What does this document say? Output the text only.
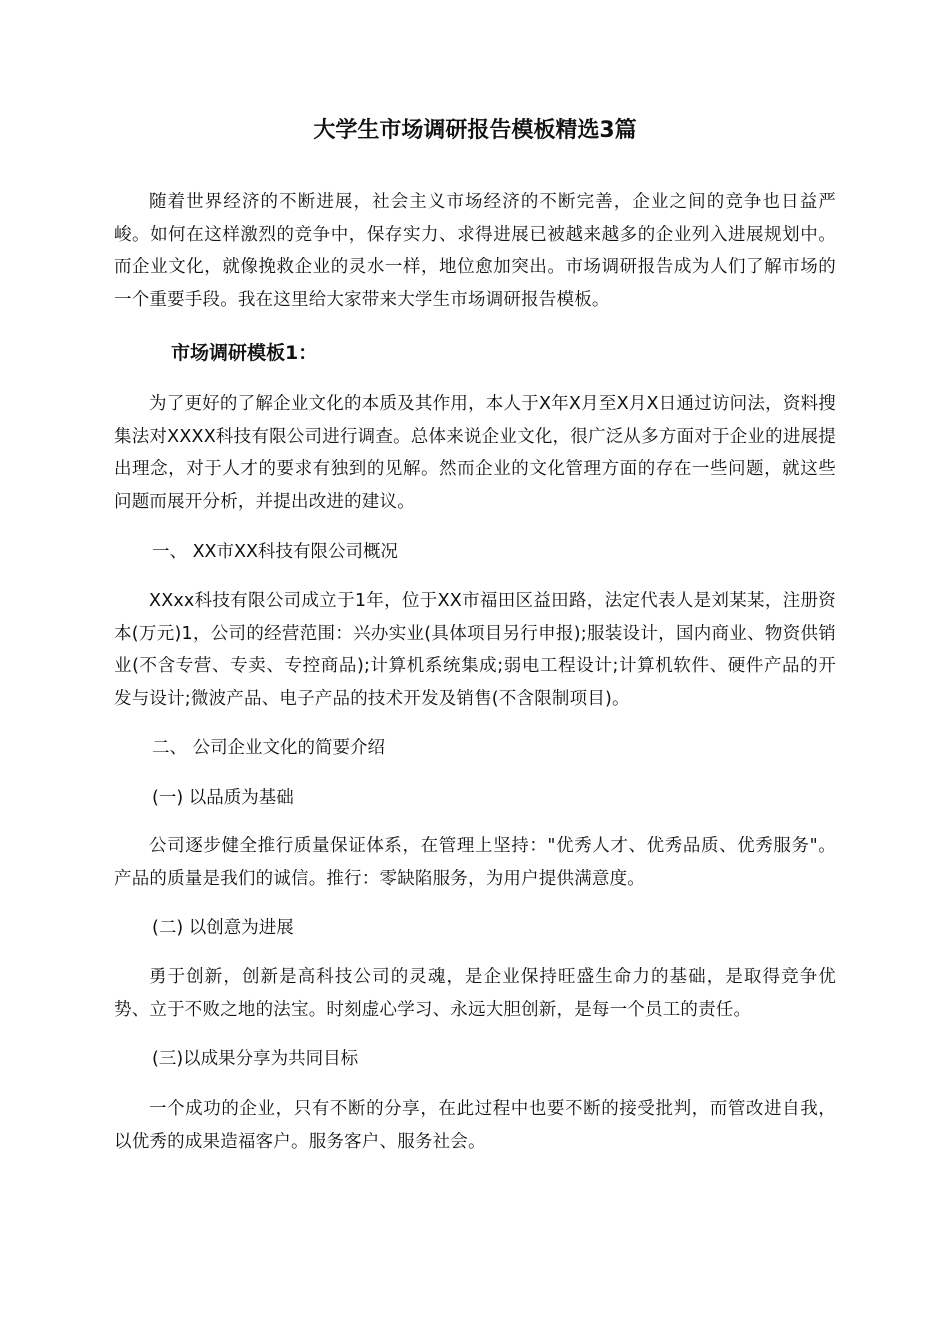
大学生市场调研报告模板精选3篇

随着世界经济的不断进展，社会主义市场经济的不断完善，企业之间的竞争也日益严峻。如何在这样激烈的竞争中，保存实力、求得进展已被越来越多的企业列入进展规划中。而企业文化，就像挽救企业的灵水一样，地位愈加突出。市场调研报告成为人们了解市场的一个重要手段。我在这里给大家带来大学生市场调研报告模板。

市场调研模板1：

为了更好的了解企业文化的本质及其作用，本人于X年X月至X月X日通过访问法，资料搜集法对XXXX科技有限公司进行调查。总体来说企业文化，很广泛从多方面对于企业的进展提出理念，对于人才的要求有独到的见解。然而企业的文化管理方面的存在一些问题，就这些问题而展开分析，并提出改进的建议。

一、 XX市XX科技有限公司概况

XXxx科技有限公司成立于1年，位于XX市福田区益田路，法定代表人是刘某某，注册资本(万元)1，公司的经营范围：兴办实业(具体项目另行申报);服装设计，国内商业、物资供销业(不含专营、专卖、专控商品);计算机系统集成;弱电工程设计;计算机软件、硬件产品的开发与设计;微波产品、电子产品的技术开发及销售(不含限制项目)。

二、 公司企业文化的简要介绍

(一) 以品质为基础

公司逐步健全推行质量保证体系，在管理上坚持："优秀人才、优秀品质、优秀服务"。产品的质量是我们的诚信。推行：零缺陷服务，为用户提供满意度。

(二) 以创意为进展

勇于创新，创新是高科技公司的灵魂，是企业保持旺盛生命力的基础，是取得竞争优势、立于不败之地的法宝。时刻虚心学习、永远大胆创新，是每一个员工的责任。

(三)以成果分享为共同目标

一个成功的企业，只有不断的分享，在此过程中也要不断的接受批判，而管改进自我，以优秀的成果造福客户。服务客户、服务社会。
